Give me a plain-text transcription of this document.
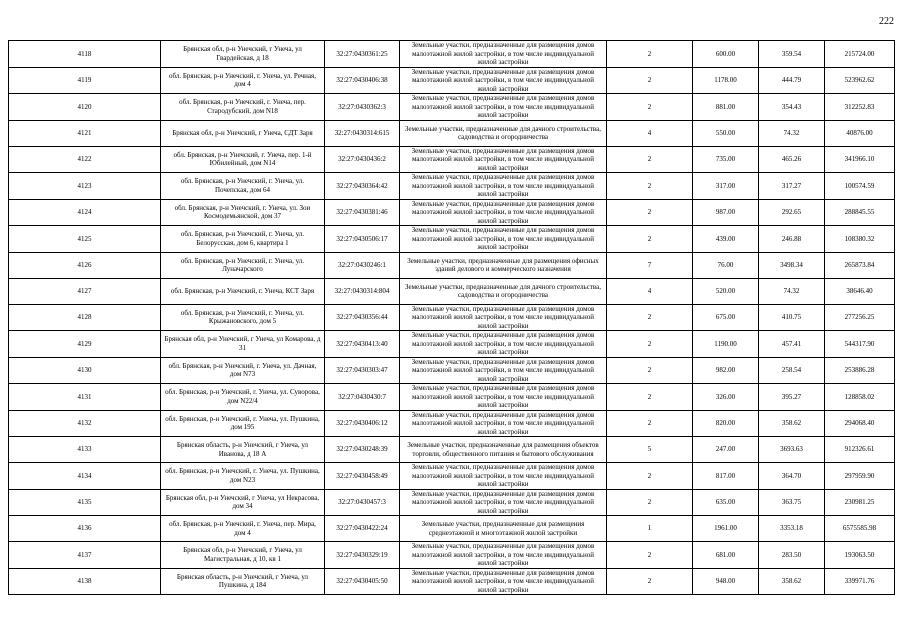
222
4118	Брянская обл, р-н Унечский, г Унеча, ул Гвардейская, д 18	32:27:0430361:25	Земельные участки, предназначенные для размещения домов малоэтажной жилой застройки, в том числе индивидуальной жилой застройки	2	600.00	359.54	215724.00
4119	обл. Брянская, р-н Унечский, г. Унеча, ул. Речная, дом 4	32:27:0430406:38	Земельные участки, предназначенные для размещения домов малоэтажной жилой застройки, в том числе индивидуальной жилой застройки	2	1178.00	444.79	523962.62
4120	обл. Брянская, р-н Унечский, г. Унеча, пер. Стародубский, дом N18	32:27:0430362:3	Земельные участки, предназначенные для размещения домов малоэтажной жилой застройки, в том числе индивидуальной жилой застройки	2	881.00	354.43	312252.83
4121	Брянская обл, р-н Унечский, г Унеча, СДТ Заря	32:27:0430314:615	Земельные участки, предназначенные для дачного строительства, садоводства и огородничества	4	550.00	74.32	40876.00
4122	обл. Брянская, р-н Унечский, г. Унеча, пер. 1-й Юбилейный, дом N14	32:27:0430436:2	Земельные участки, предназначенные для размещения домов малоэтажной жилой застройки, в том числе индивидуальной жилой застройки	2	735.00	465.26	341966.10
4123	обл. Брянская, р-н Унечский, г. Унеча, ул. Почепская, дом 64	32:27:0430364:42	Земельные участки, предназначенные для размещения домов малоэтажной жилой застройки, в том числе индивидуальной жилой застройки	2	317.00	317.27	100574.59
4124	обл. Брянская, р-н Унечский, г. Унеча, ул. Зои Космодемьянской, дом 37	32:27:0430381:46	Земельные участки, предназначенные для размещения домов малоэтажной жилой застройки, в том числе индивидуальной жилой застройки	2	987.00	292.65	288845.55
4125	обл. Брянская, р-н Унечский, г. Унеча, ул. Белорусская, дом 6, квартира 1	32:27:0430506:17	Земельные участки, предназначенные для размещения домов малоэтажной жилой застройки, в том числе индивидуальной жилой застройки	2	439.00	246.88	108380.32
4126	обл. Брянская, р-н Унечский, г. Унеча, ул. Луначарского	32:27:0430246:1	Земельные участки, предназначенные для размещения офисных зданий делового и коммерческого назначения	7	76.00	3498.34	265873.84
4127	обл. Брянская, р-н Унечский, г. Унеча, КСТ Заря	32:27:0430314:804	Земельные участки, предназначенные для дачного строительства, садоводства и огородничества	4	520.00	74.32	38646.40
4128	обл. Брянская, р-н Унечский, г. Унеча, ул. Крыжановского, дом 5	32:27:0430356:44	Земельные участки, предназначенные для размещения домов малоэтажной жилой застройки, в том числе индивидуальной жилой застройки	2	675.00	410.75	277256.25
4129	Брянская обл, р-н Унечский, г Унеча, ул Комарова, д 31	32:27:0430413:40	Земельные участки, предназначенные для размещения домов малоэтажной жилой застройки, в том числе индивидуальной жилой застройки	2	1190.00	457.41	544317.90
4130	обл. Брянская, р-н Унечский, г. Унеча, ул. Дачная, дом N73	32:27:0430303:47	Земельные участки, предназначенные для размещения домов малоэтажной жилой застройки, в том числе индивидуальной жилой застройки	2	982.00	258.54	253886.28
4131	обл. Брянская, р-н Унечский, г. Унеча, ул. Суворова, дом N22/4	32:27:0430430:7	Земельные участки, предназначенные для размещения домов малоэтажной жилой застройки, в том числе индивидуальной жилой застройки	2	326.00	395.27	128858.02
4132	обл. Брянская, р-н Унечский, г. Унеча, ул. Пушкина, дом 195	32:27:0430406:12	Земельные участки, предназначенные для размещения домов малоэтажной жилой застройки, в том числе индивидуальной жилой застройки	2	820.00	358.62	294068.40
4133	Брянская область, р-н Унечский, г Унеча, ул Иванова, д 18 А	32:27:0430248:39	Земельные участки, предназначенные для размещения объектов торговли, общественного питания и бытового обслуживания	5	247.00	3693.63	912326.61
4134	обл. Брянская, р-н Унечский, г. Унеча, ул. Пушкина, дом N23	32:27:0430458:49	Земельные участки, предназначенные для размещения домов малоэтажной жилой застройки, в том числе индивидуальной жилой застройки	2	817.00	364.70	297959.90
4135	Брянская обл, р-н Унечский, г Унеча, ул Некрасова, дом 34	32:27:0430457:3	Земельные участки, предназначенные для размещения домов малоэтажной жилой застройки, в том числе индивидуальной жилой застройки	2	635.00	363.75	230981.25
4136	обл. Брянская, р-н Унечский, г. Унеча, пер. Мира, дом 4	32:27:0430422:24	Земельные участки, предназначенные для размещения среднеэтажной и многоэтажной жилой застройки	1	1961.00	3353.18	6575585.98
4137	Брянская обл, р-н Унечский, г Унеча, ул Магистральная, д 10, кв 1	32:27:0430329:19	Земельные участки, предназначенные для размещения домов малоэтажной жилой застройки, в том числе индивидуальной жилой застройки	2	681.00	283.50	193063.50
4138	Брянская область, р-н Унечский, г Унеча, ул Пушкина, д 184	32:27:0430405:50	Земельные участки, предназначенные для размещения домов малоэтажной жилой застройки, в том числе индивидуальной жилой застройки	2	948.00	358.62	339971.76
